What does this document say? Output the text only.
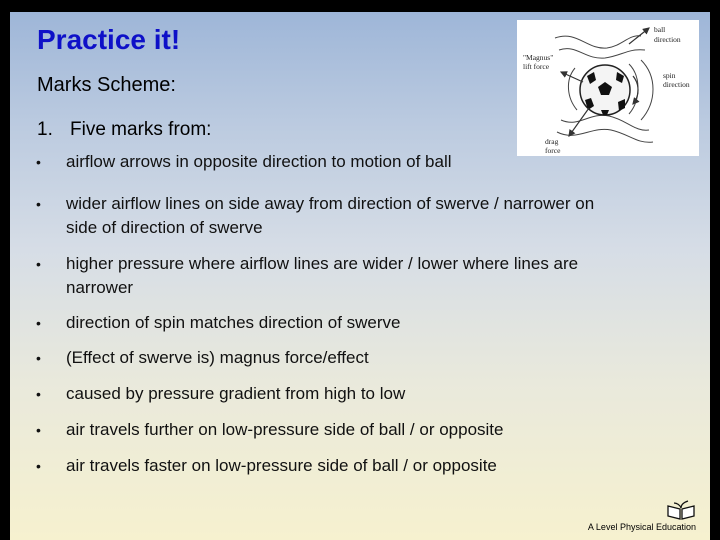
Practice it!
Marks Scheme:
1. Five marks from:
• airflow arrows in opposite direction to motion of ball
• wider airflow lines on side away from direction of swerve / narrower on
side of direction of swerve
• higher pressure where airflow lines are wider / lower where lines are
narrower
• direction of spin matches direction of swerve
• (Effect of swerve is) magnus force/effect
• caused by pressure gradient from high to low
• air travels further on low-pressure side of ball / or opposite
• air travels faster on low-pressure side of ball / or opposite
ball
direction
"Magnus"
lift force
spin
direction
drag
force
A Level Physical Education
